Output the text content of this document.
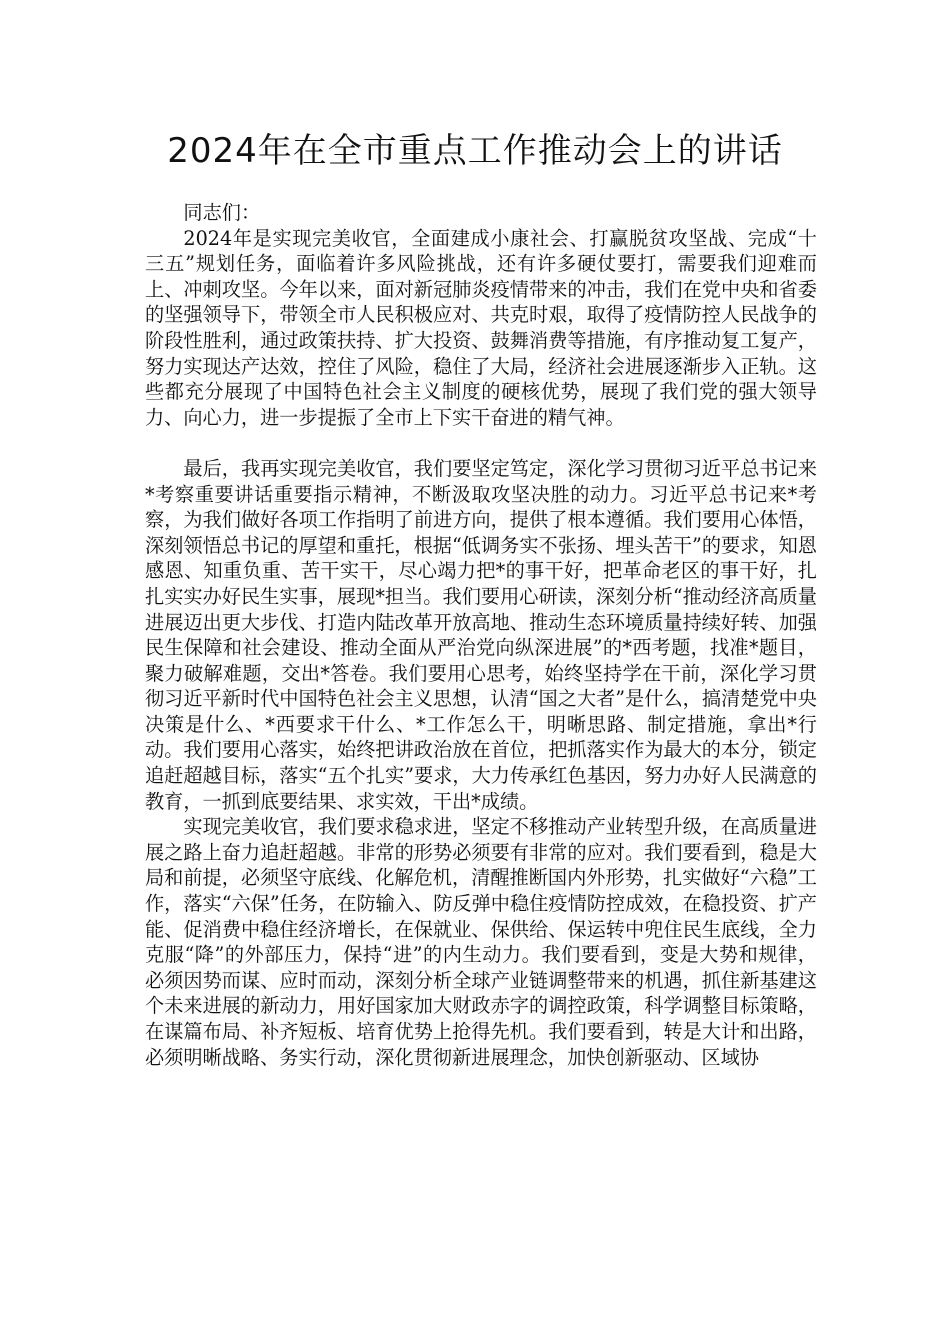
2024年在全市重点工作推动会上的讲话

同志们：

2024年是实现完美收官，全面建成小康社会、打赢脱贫攻坚战、完成“十三五”规划任务，面临着许多风险挑战，还有许多硬仗要打，需要我们迎难而上、冲刺攻坚。今年以来，面对新冠肺炎疫情带来的冲击，我们在党中央和省委的坚强领导下，带领全市人民积极应对、共克时艰，取得了疫情防控人民战争的阶段性胜利，通过政策扶持、扩大投资、鼓舞消费等措施，有序推动复工复产，努力实现达产达效，控住了风险，稳住了大局，经济社会进展逐渐步入正轨。这些都充分展现了中国特色社会主义制度的硬核优势，展现了我们党的强大领导力、向心力，进一步提振了全市上下实干奋进的精气神。

最后，我再实现完美收官，我们要坚定笃定，深化学习贯彻习近平总书记来*考察重要讲话重要指示精神，不断汲取攻坚决胜的动力。习近平总书记来*考察，为我们做好各项工作指明了前进方向，提供了根本遵循。我们要用心体悟，深刻领悟总书记的厚望和重托，根据“低调务实不张扬、埋头苦干”的要求，知恩感恩、知重负重、苦干实干，尽心竭力把*的事干好，把革命老区的事干好，扎扎实实办好民生实事，展现*担当。我们要用心研读，深刻分析“推动经济高质量进展迈出更大步伐、打造内陆改革开放高地、推动生态环境质量持续好转、加强民生保障和社会建设、推动全面从严治党向纵深进展”的*西考题，找准*题目，聚力破解难题，交出*答卷。我们要用心思考，始终坚持学在干前，深化学习贯彻习近平新时代中国特色社会主义思想，认清“国之大者”是什么，搞清楚党中央决策是什么、*西要求干什么、*工作怎么干，明晰思路、制定措施，拿出*行动。我们要用心落实，始终把讲政治放在首位，把抓落实作为最大的本分，锁定追赶超越目标，落实“五个扎实”要求，大力传承红色基因，努力办好人民满意的教育，一抓到底要结果、求实效，干出*成绩。

实现完美收官，我们要求稳求进，坚定不移推动产业转型升级，在高质量进展之路上奋力追赶超越。非常的形势必须要有非常的应对。我们要看到，稳是大局和前提，必须坚守底线、化解危机，清醒推断国内外形势，扎实做好“六稳”工作，落实“六保”任务，在防输入、防反弹中稳住疫情防控成效，在稳投资、扩产能、促消费中稳住经济增长，在保就业、保供给、保运转中兜住民生底线，全力克服“降”的外部压力，保持“进”的内生动力。我们要看到，变是大势和规律，必须因势而谋、应时而动，深刻分析全球产业链调整带来的机遇，抓住新基建这个未来进展的新动力，用好国家加大财政赤字的调控政策，科学调整目标策略，在谋篇布局、补齐短板、培育优势上抢得先机。我们要看到，转是大计和出路，必须明晰战略、务实行动，深化贯彻新进展理念，加快创新驱动、区域协
